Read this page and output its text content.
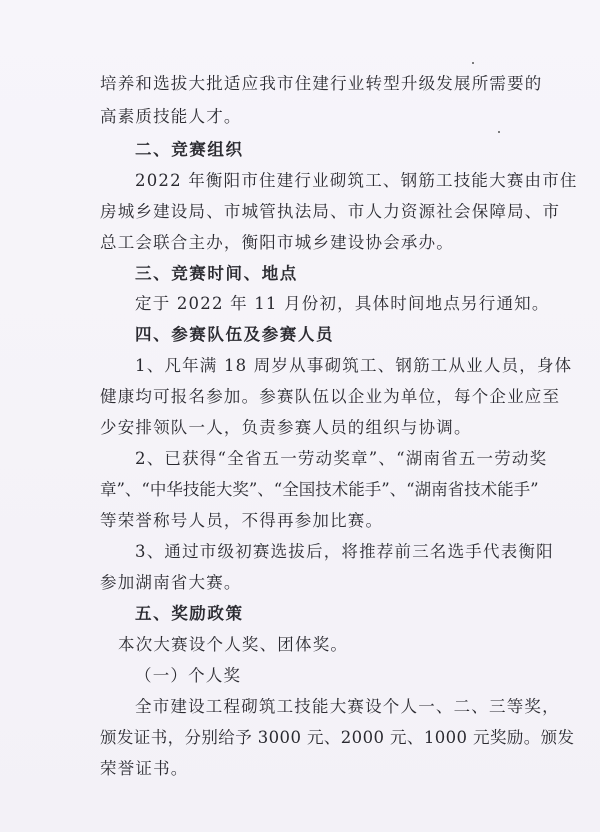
培养和选拔大批适应我市住建行业转型升级发展所需要的
高素质技能人才。
二、竞赛组织
2022 年衡阳市住建行业砌筑工、钢筋工技能大赛由市住
房城乡建设局、市城管执法局、市人力资源社会保障局、市
总工会联合主办，衡阳市城乡建设协会承办。
三、竞赛时间、地点
定于 2022 年 11 月份初，具体时间地点另行通知。
四、参赛队伍及参赛人员
1、凡年满 18 周岁从事砌筑工、钢筋工从业人员，身体
健康均可报名参加。参赛队伍以企业为单位，每个企业应至
少安排领队一人，负责参赛人员的组织与协调。
2、已获得“全省五一劳动奖章”、“湖南省五一劳动奖
章”、“中华技能大奖”、“全国技术能手”、“湖南省技术能手”
等荣誉称号人员，不得再参加比赛。
3、通过市级初赛选拔后，将推荐前三名选手代表衡阳
参加湖南省大赛。
五、奖励政策
本次大赛设个人奖、团体奖。
（一）个人奖
全市建设工程砌筑工技能大赛设个人一、二、三等奖，
颁发证书，分别给予 3000 元、2000 元、1000 元奖励。颁发
荣誉证书。
